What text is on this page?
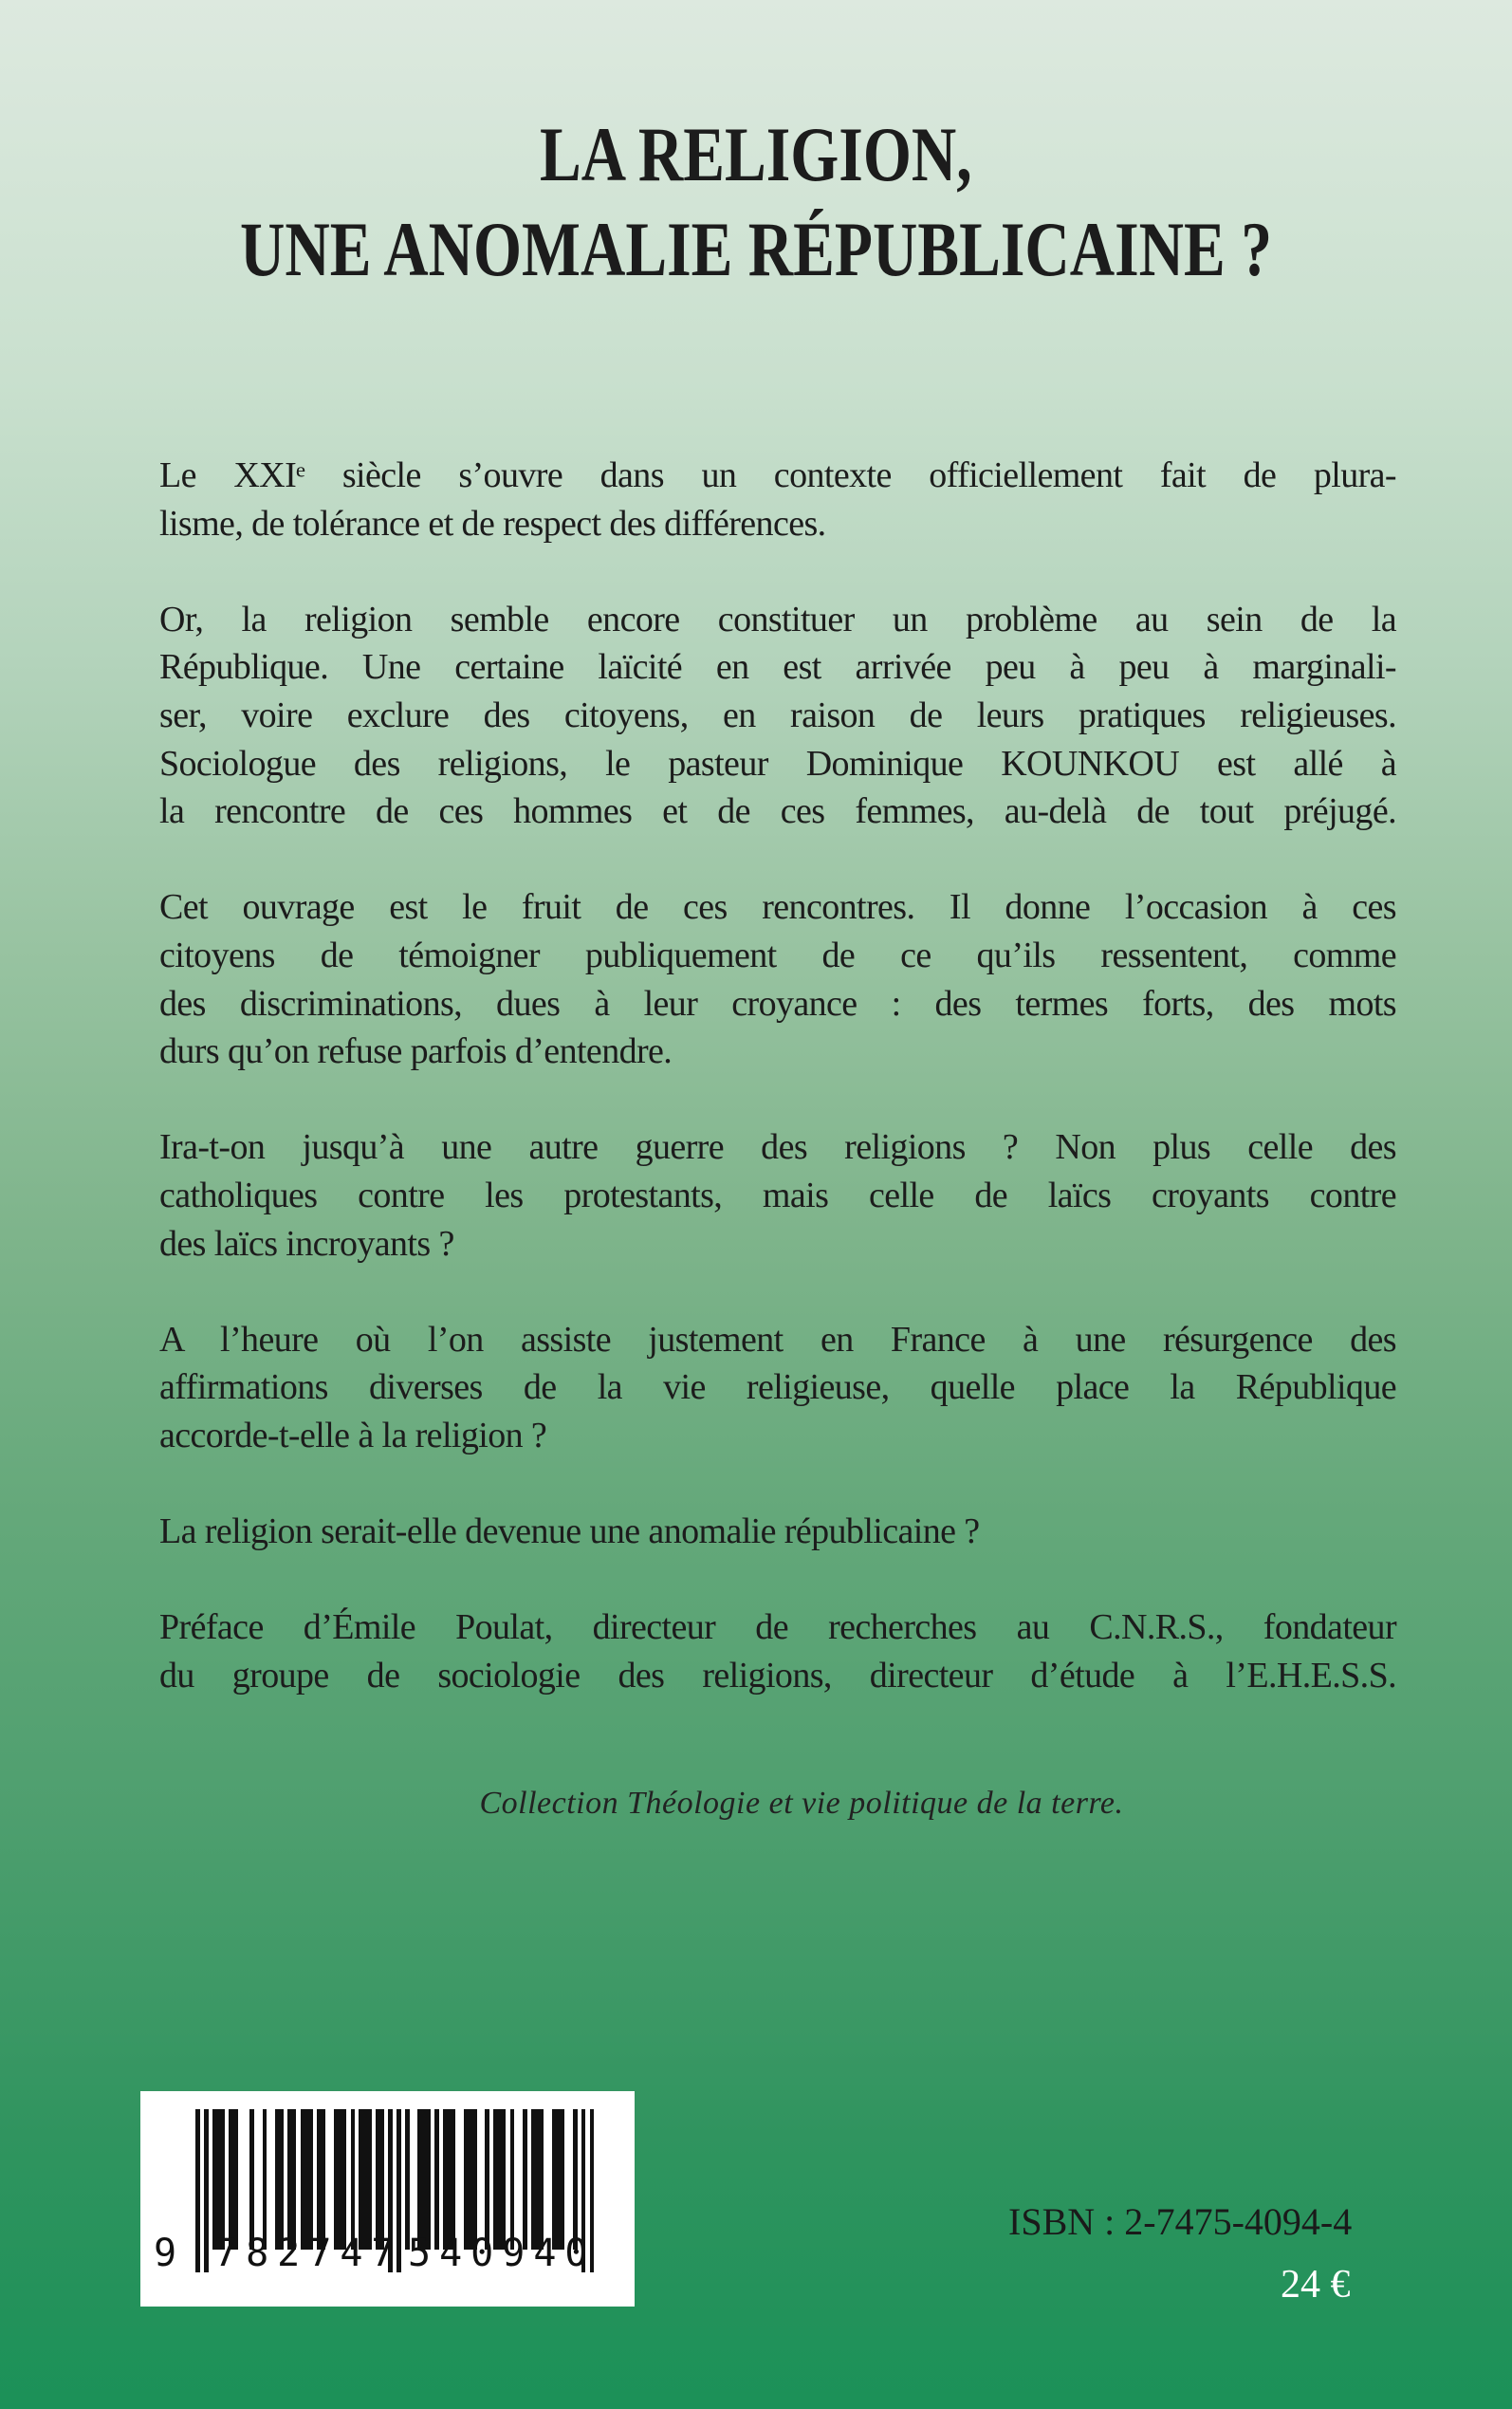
LA RELIGION,
UNE ANOMALIE RÉPUBLICAINE ?
Le XXIᵉ siècle s’ouvre dans un contexte officiellement fait de plura-
lisme, de tolérance et de respect des différences.
Or, la religion semble encore constituer un problème au sein de la
République. Une certaine laïcité en est arrivée peu à peu à marginali-
ser, voire exclure des citoyens, en raison de leurs pratiques religieuses.
Sociologue des religions, le pasteur Dominique KOUNKOU est allé à
la rencontre de ces hommes et de ces femmes, au-delà de tout préjugé.
Cet ouvrage est le fruit de ces rencontres. Il donne l’occasion à ces
citoyens de témoigner publiquement de ce qu’ils ressentent, comme
des discriminations, dues à leur croyance : des termes forts, des mots
durs qu’on refuse parfois d’entendre.
Ira-t-on jusqu’à une autre guerre des religions ? Non plus celle des
catholiques contre les protestants, mais celle de laïcs croyants contre
des laïcs incroyants ?
A l’heure où l’on assiste justement en France à une résurgence des
affirmations diverses de la vie religieuse, quelle place la République
accorde-t-elle à la religion ?
La religion serait-elle devenue une anomalie républicaine ?
Préface d’Émile Poulat, directeur de recherches au C.N.R.S., fondateur
du groupe de sociologie des religions, directeur d’étude à l’E.H.E.S.S.
Collection Théologie et vie politique de la terre.
9 782747 540940
ISBN : 2-7475-4094-4
24 €
